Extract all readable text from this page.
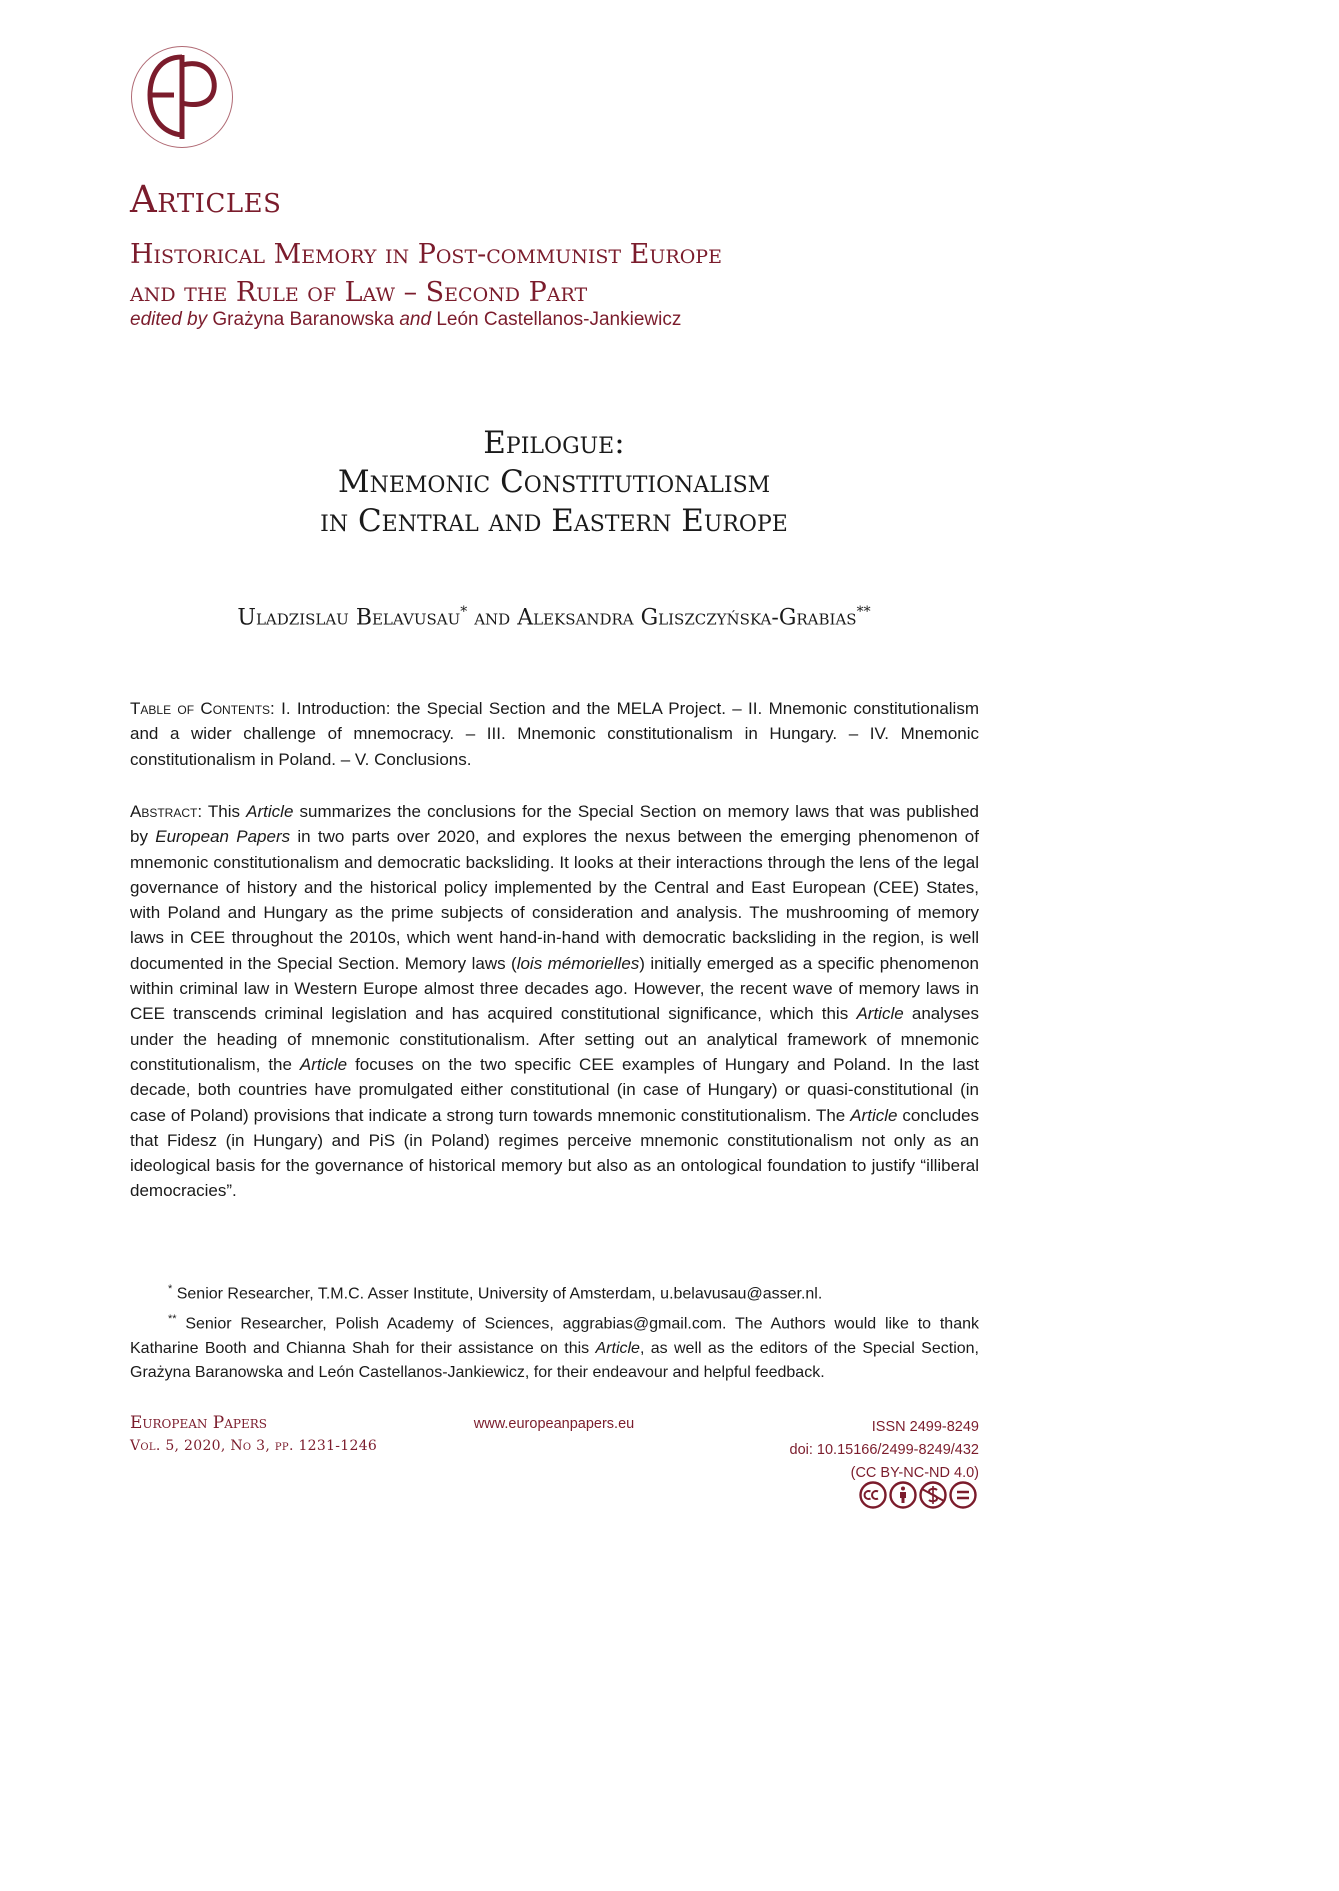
Articles
Historical Memory in Post-communist Europe
and the Rule of Law – Second Part
edited by Grażyna Baranowska and León Castellanos-Jankiewicz
Epilogue:
Mnemonic Constitutionalism
in Central and Eastern Europe
Uladzislau Belavusau* and Aleksandra Gliszczyńska-Grabias**
Table of Contents: I. Introduction: the Special Section and the MELA Project. – II. Mnemonic constitutionalism and a wider challenge of mnemocracy. – III. Mnemonic constitutionalism in Hungary. – IV. Mnemonic constitutionalism in Poland. – V. Conclusions.
Abstract: This Article summarizes the conclusions for the Special Section on memory laws that was published by European Papers in two parts over 2020, and explores the nexus between the emerging phenomenon of mnemonic constitutionalism and democratic backsliding. It looks at their interactions through the lens of the legal governance of history and the historical policy implemented by the Central and East European (CEE) States, with Poland and Hungary as the prime subjects of consideration and analysis. The mushrooming of memory laws in CEE throughout the 2010s, which went hand-in-hand with democratic backsliding in the region, is well documented in the Special Section. Memory laws (lois mémorielles) initially emerged as a specific phenomenon within criminal law in Western Europe almost three decades ago. However, the recent wave of memory laws in CEE transcends criminal legislation and has acquired constitutional significance, which this Article analyses under the heading of mnemonic constitutionalism. After setting out an analytical framework of mnemonic constitutionalism, the Article focuses on the two specific CEE examples of Hungary and Poland. In the last decade, both countries have promulgated either constitutional (in case of Hungary) or quasi-constitutional (in case of Poland) provisions that indicate a strong turn towards mnemonic constitutionalism. The Article concludes that Fidesz (in Hungary) and PiS (in Poland) regimes perceive mnemonic constitutionalism not only as an ideological basis for the governance of historical memory but also as an ontological foundation to justify “illiberal democracies”.

* Senior Researcher, T.M.C. Asser Institute, University of Amsterdam, u.belavusau@asser.nl.

** Senior Researcher, Polish Academy of Sciences, aggrabias@gmail.com. The Authors would like to thank Katharine Booth and Chianna Shah for their assistance on this Article, as well as the editors of the Special Section, Grażyna Baranowska and León Castellanos-Jankiewicz, for their endeavour and helpful feedback.

European Papers
Vol. 5, 2020, No 3, pp. 1231-1246
www.europeanpapers.eu	ISSN 2499-8249
doi: 10.15166/2499-8249/432
(CC BY-NC-ND 4.0)
